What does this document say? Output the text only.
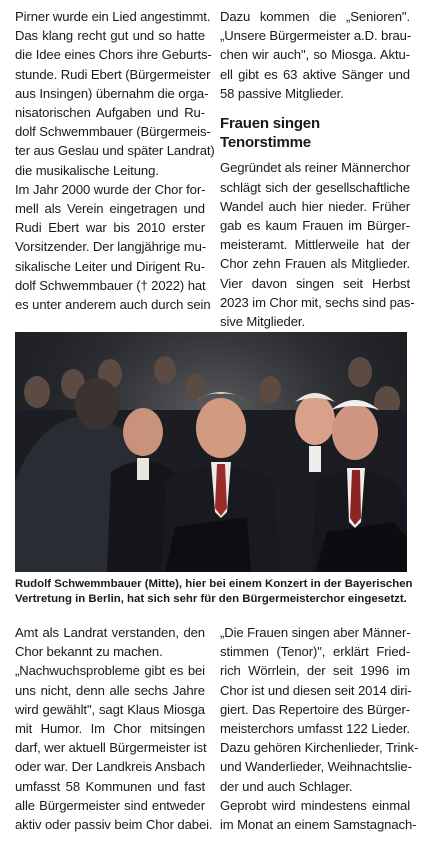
Pirner wurde ein Lied angestimmt.
Das klang recht gut und so hatte
die Idee eines Chors ihre Geburts-
stunde. Rudi Ebert (Bürgermeister
aus Insingen) übernahm die orga-
nisatorischen Aufgaben und Ru-
dolf Schwemmbauer (Bürgermeis-
ter aus Geslau und später Landrat)
die musikalische Leitung.
Im Jahr 2000 wurde der Chor for-
mell als Verein eingetragen und
Rudi Ebert war bis 2010 erster
Vorsitzender. Der langjährige mu-
sikalische Leiter und Dirigent Ru-
dolf Schwemmbauer († 2022) hat
es unter anderem auch durch sein
Dazu kommen die „Senioren".
„Unsere Bürgermeister a.D. brau-
chen wir auch", so Miosga. Aktu-
ell gibt es 63 aktive Sänger und
58 passive Mitglieder.
Frauen singen Tenorstimme
Gegründet als reiner Männerchor
schlägt sich der gesellschaftliche
Wandel auch hier nieder. Früher
gab es kaum Frauen im Bürger-
meisteramt. Mittlerweile hat der
Chor zehn Frauen als Mitglieder.
Vier davon singen seit Herbst
2023 im Chor mit, sechs sind pas-
sive Mitglieder.
Rudolf Schwemmbauer (Mitte), hier bei einem Konzert in der Bayerischen
Vertretung in Berlin, hat sich sehr für den Bürgermeisterchor eingesetzt.
Amt als Landrat verstanden, den
Chor bekannt zu machen.
„Nachwuchsprobleme gibt es bei
uns nicht, denn alle sechs Jahre
wird gewählt", sagt Klaus Miosga
mit Humor. Im Chor mitsingen
darf, wer aktuell Bürgermeister ist
oder war. Der Landkreis Ansbach
umfasst 58 Kommunen und fast
alle Bürgermeister sind entweder
aktiv oder passiv beim Chor dabei.
„Die Frauen singen aber Männer-
stimmen (Tenor)", erklärt Fried-
rich Wörrlein, der seit 1996 im
Chor ist und diesen seit 2014 diri-
giert. Das Repertoire des Bürger-
meisterchors umfasst 122 Lieder.
Dazu gehören Kirchenlieder, Trink-
und Wanderlieder, Weihnachtslie-
der und auch Schlager.
Geprobt wird mindestens einmal
im Monat an einem Samstagnach-
